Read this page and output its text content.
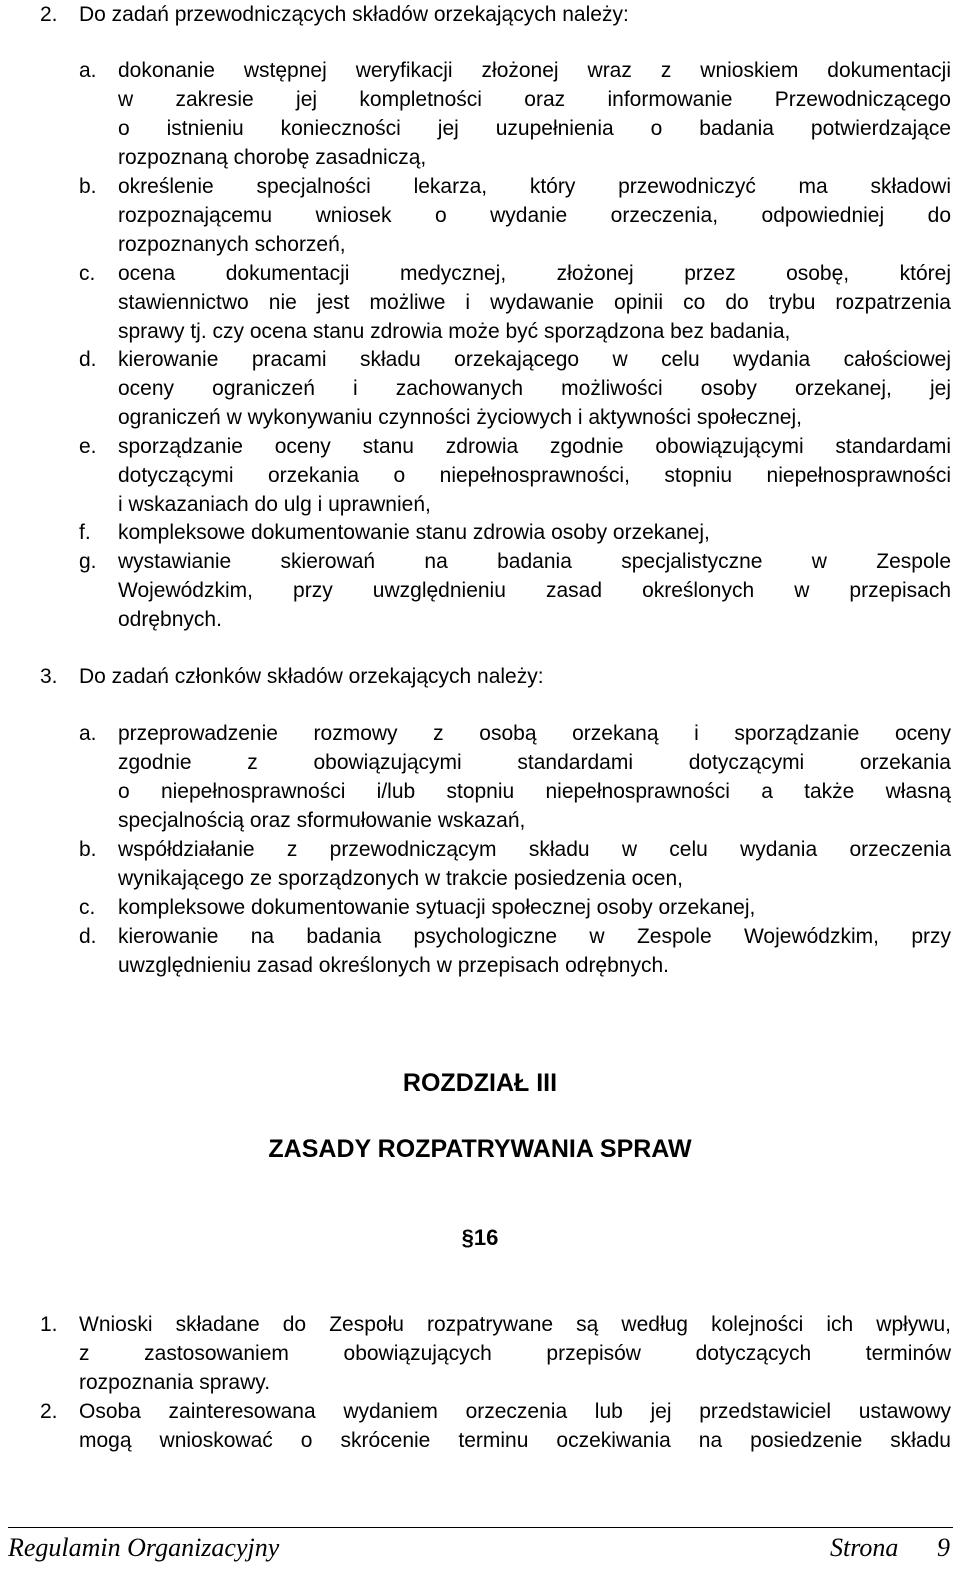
2. Do zadań przewodniczących składów orzekających należy:
a. dokonanie wstępnej weryfikacji złożonej wraz z wnioskiem dokumentacji
w zakresie jej kompletności oraz informowanie Przewodniczącego
o istnieniu konieczności jej uzupełnienia o badania potwierdzające
rozpoznaną chorobę zasadniczą,
b. określenie specjalności lekarza, który przewodniczyć ma składowi
rozpoznającemu wniosek o wydanie orzeczenia, odpowiedniej do
rozpoznanych schorzeń,
c. ocena dokumentacji medycznej, złożonej przez osobę, której
stawiennictwo nie jest możliwe i wydawanie opinii co do trybu rozpatrzenia
sprawy tj. czy ocena stanu zdrowia może być sporządzona bez badania,
d. kierowanie pracami składu orzekającego w celu wydania całościowej
oceny ograniczeń i zachowanych możliwości osoby orzekanej, jej
ograniczeń w wykonywaniu czynności życiowych i aktywności społecznej,
e. sporządzanie oceny stanu zdrowia zgodnie obowiązującymi standardami
dotyczącymi orzekania o niepełnosprawności, stopniu niepełnosprawności
i wskazaniach do ulg i uprawnień,
f. kompleksowe dokumentowanie stanu zdrowia osoby orzekanej,
g. wystawianie skierowań na badania specjalistyczne w Zespole
Wojewódzkim, przy uwzględnieniu zasad określonych w przepisach
odrębnych.
3. Do zadań członków składów orzekających należy:
a. przeprowadzenie rozmowy z osobą orzekaną i sporządzanie oceny
zgodnie z obowiązującymi standardami dotyczącymi orzekania
o niepełnosprawności i/lub stopniu niepełnosprawności a także własną
specjalnością oraz sformułowanie wskazań,
b. współdziałanie z przewodniczącym składu w celu wydania orzeczenia
wynikającego ze sporządzonych w trakcie posiedzenia ocen,
c. kompleksowe dokumentowanie sytuacji społecznej osoby orzekanej,
d. kierowanie na badania psychologiczne w Zespole Wojewódzkim, przy
uwzględnieniu zasad określonych w przepisach odrębnych.
ROZDZIAŁ III
ZASADY ROZPATRYWANIA SPRAW
§16
1. Wnioski składane do Zespołu rozpatrywane są według kolejności ich wpływu,
z zastosowaniem obowiązujących przepisów dotyczących terminów
rozpoznania sprawy.
2. Osoba zainteresowana wydaniem orzeczenia lub jej przedstawiciel ustawowy
mogą wnioskować o skrócenie terminu oczekiwania na posiedzenie składu
Regulamin Organizacyjny	Strona 9
